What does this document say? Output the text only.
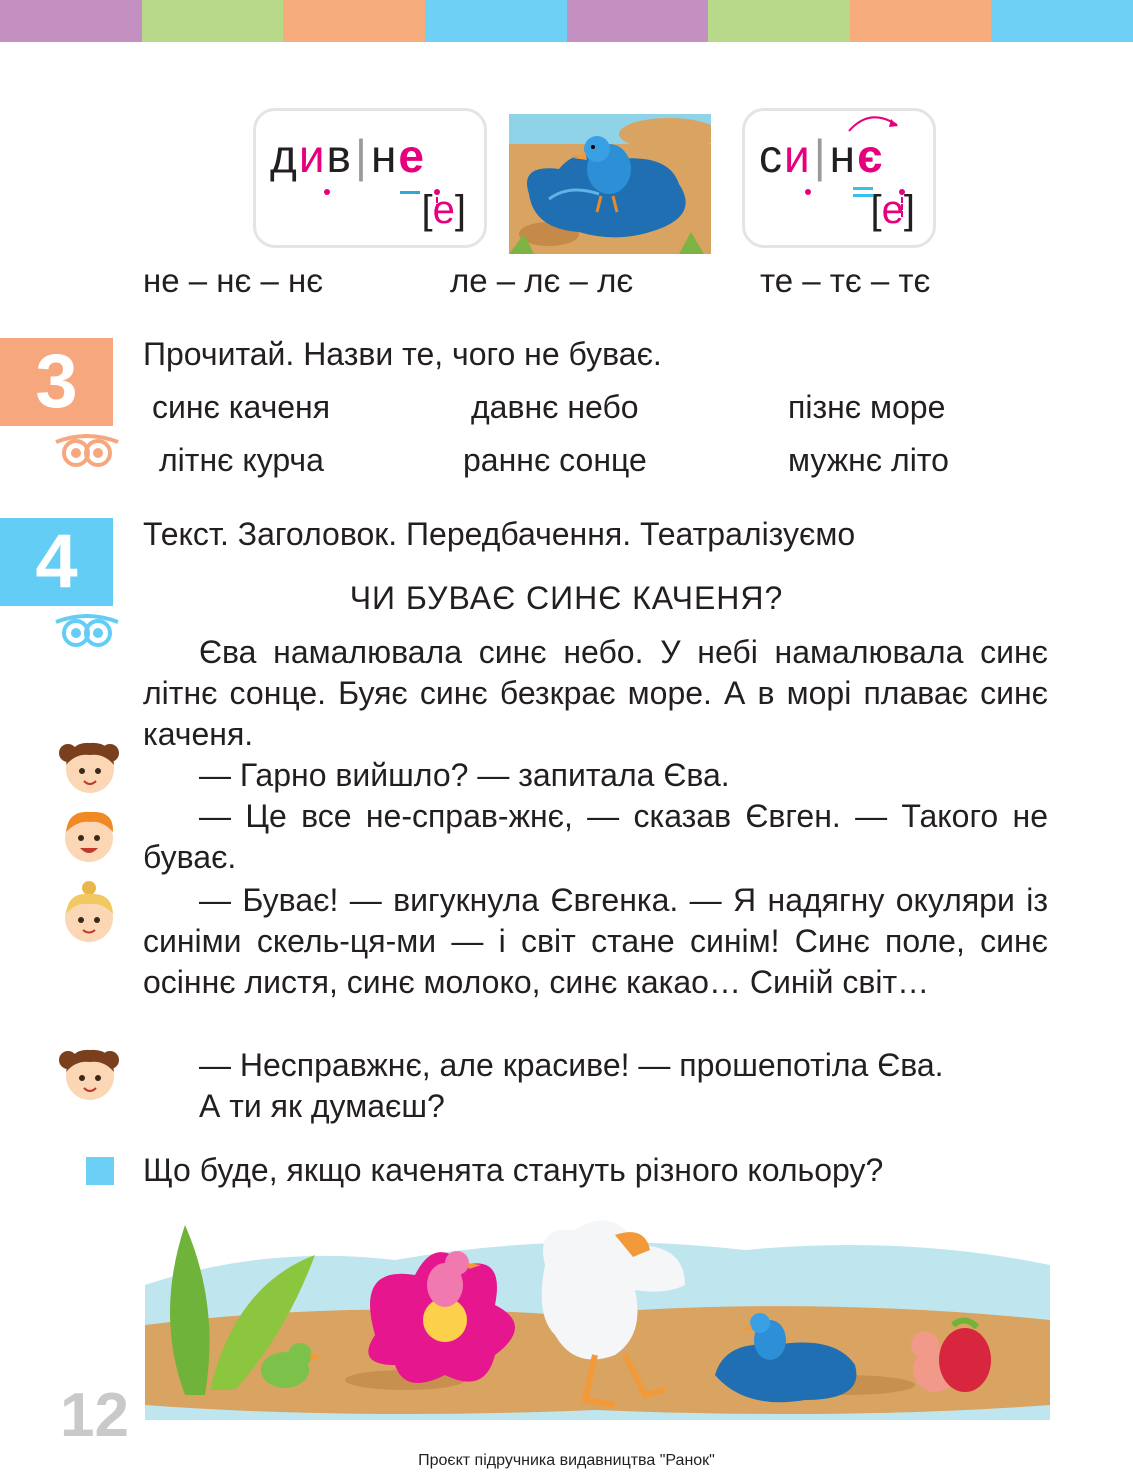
див|не
[е]
си|нє
[е]
не – нє – нє	ле – лє – лє	те – тє – тє
3	Прочитай. Назви те, чого не буває.
синє каченя	давнє небо	пізнє море
літнє курча	раннє сонце	мужнє літо
4	Текст. Заголовок. Передбачення. Театралізуємо
ЧИ БУВАЄ СИНЄ КАЧЕНЯ?
Єва намалювала синє небо. У небі намалювала синє літнє сонце. Буяє синє безкрає море. А в морі плаває синє каченя.
— Гарно вийшло? — запитала Єва.
— Це все не-справ-жнє, — сказав Євген. — Такого не буває.
— Буває! — вигукнула Євгенка. — Я надягну окуляри із синіми скель-ця-ми — і світ стане синім! Синє поле, синє осіннє листя, синє молоко, синє какао… Синій світ…
— Несправжнє, але красиве! — прошепотіла Єва.
А ти як думаєш?
Що буде, якщо каченята стануть різного кольору?
12
Проєкт підручника видавництва "Ранок"
